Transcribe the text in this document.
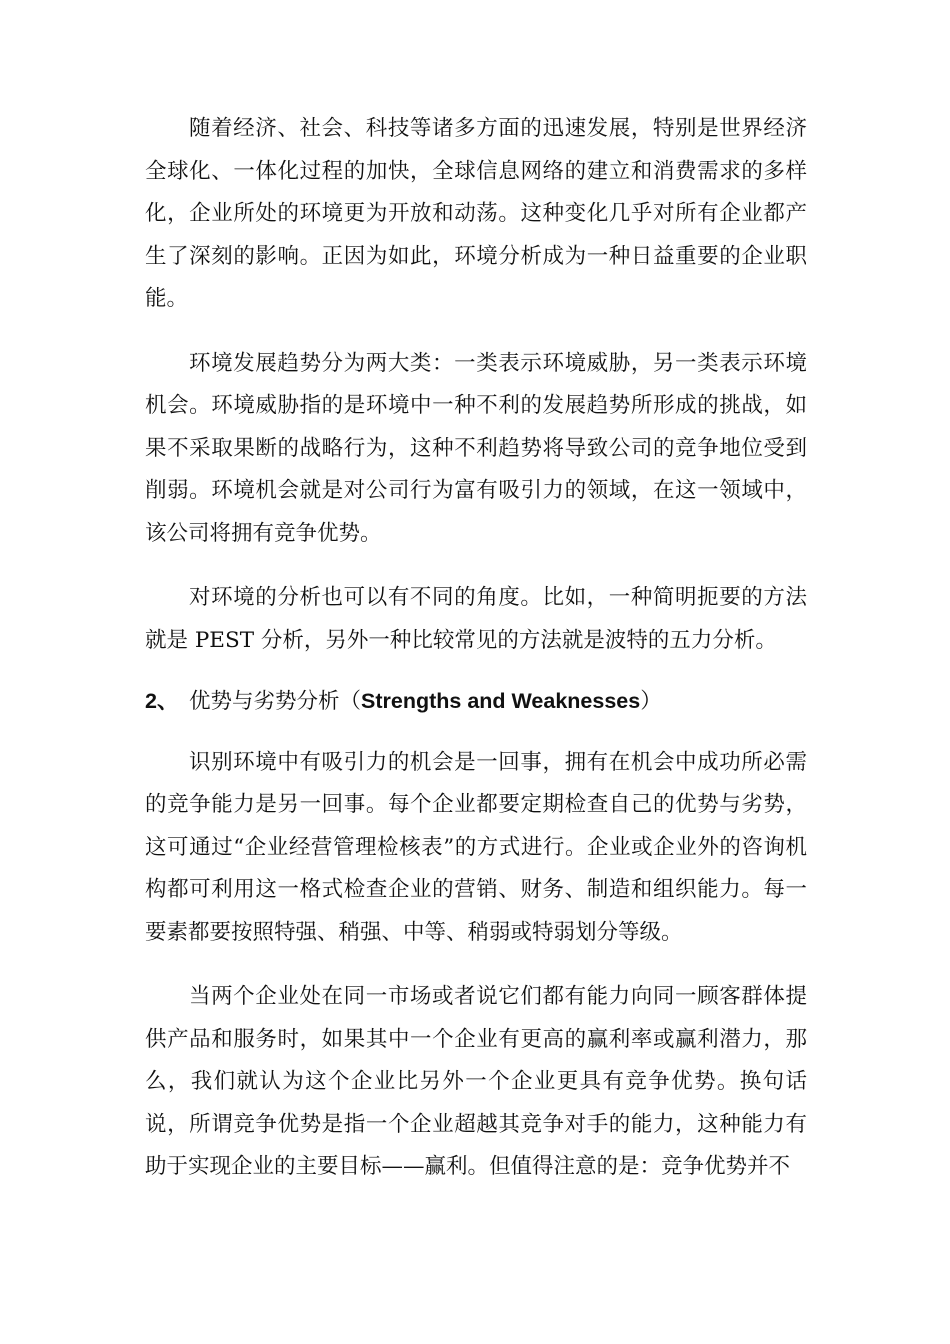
随着经济、社会、科技等诸多方面的迅速发展，特别是世界经济全球化、一体化过程的加快，全球信息网络的建立和消费需求的多样化，企业所处的环境更为开放和动荡。这种变化几乎对所有企业都产生了深刻的影响。正因为如此，环境分析成为一种日益重要的企业职能。

环境发展趋势分为两大类：一类表示环境威胁，另一类表示环境机会。环境威胁指的是环境中一种不利的发展趋势所形成的挑战，如果不采取果断的战略行为，这种不利趋势将导致公司的竞争地位受到削弱。环境机会就是对公司行为富有吸引力的领域，在这一领域中，该公司将拥有竞争优势。

对环境的分析也可以有不同的角度。比如，一种简明扼要的方法就是 PEST 分析，另外一种比较常见的方法就是波特的五力分析。

2、 优势与劣势分析（Strengths and Weaknesses）

识别环境中有吸引力的机会是一回事，拥有在机会中成功所必需的竞争能力是另一回事。每个企业都要定期检查自己的优势与劣势，这可通过“企业经营管理检核表”的方式进行。企业或企业外的咨询机构都可利用这一格式检查企业的营销、财务、制造和组织能力。每一要素都要按照特强、稍强、中等、稍弱或特弱划分等级。

当两个企业处在同一市场或者说它们都有能力向同一顾客群体提供产品和服务时，如果其中一个企业有更高的赢利率或赢利潜力，那么，我们就认为这个企业比另外一个企业更具有竞争优势。换句话说，所谓竞争优势是指一个企业超越其竞争对手的能力，这种能力有助于实现企业的主要目标——赢利。但值得注意的是：竞争优势并不
